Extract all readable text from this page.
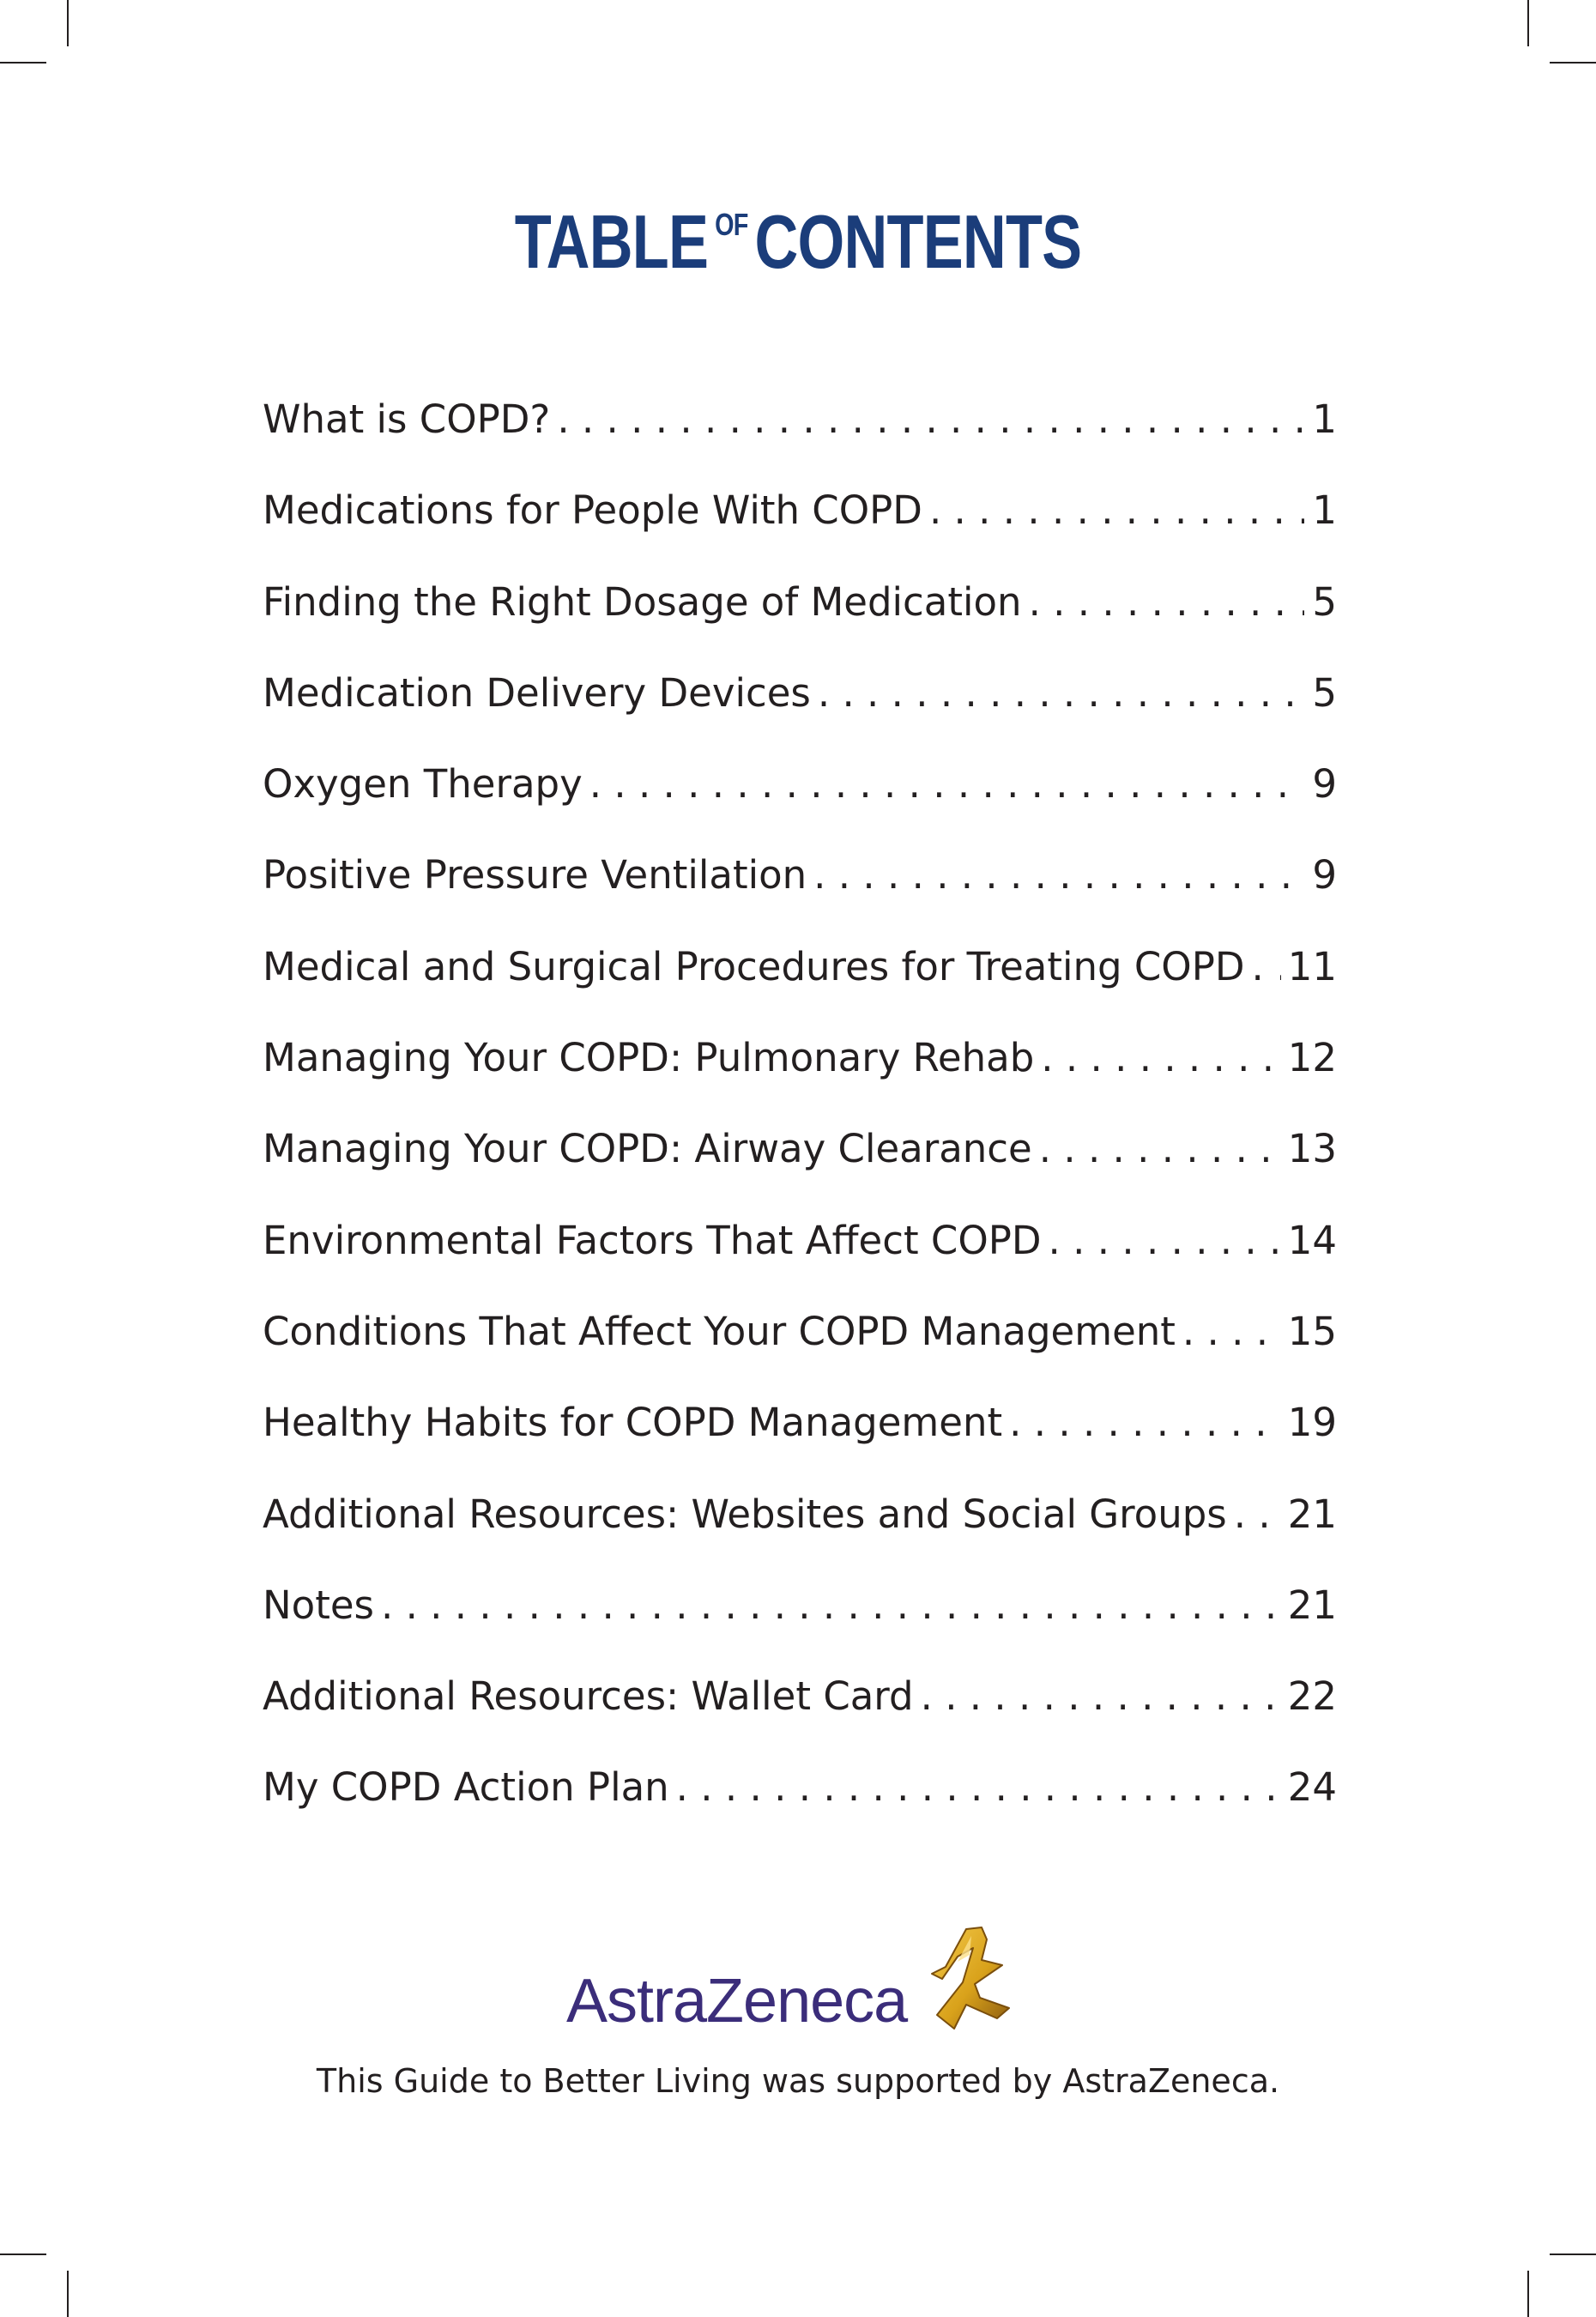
TABLE $^{OF}$CONTENTS
What is COPD? . . .	1
Medications for People With COPD . . .	1
Finding the Right Dosage of Medication . . .	5
Medication Delivery Devices . . .	5
Oxygen Therapy . . .	9
Positive Pressure Ventilation . . .	9
Medical and Surgical Procedures for Treating COPD . . . 11
Managing Your COPD: Pulmonary Rehab . . .	12
Managing Your COPD: Airway Clearance . . .	13
Environmental Factors That Affect COPD . . .	14
Conditions That Affect Your COPD Management . . .	15
Healthy Habits for COPD Management . . .	19
Additional Resources: Websites and Social Groups . . . 21
Notes . . .	21
Additional Resources: Wallet Card . . .	22
My COPD Action Plan . . .	24
AstraZeneca
This Guide to Better Living was supported by AstraZeneca.
